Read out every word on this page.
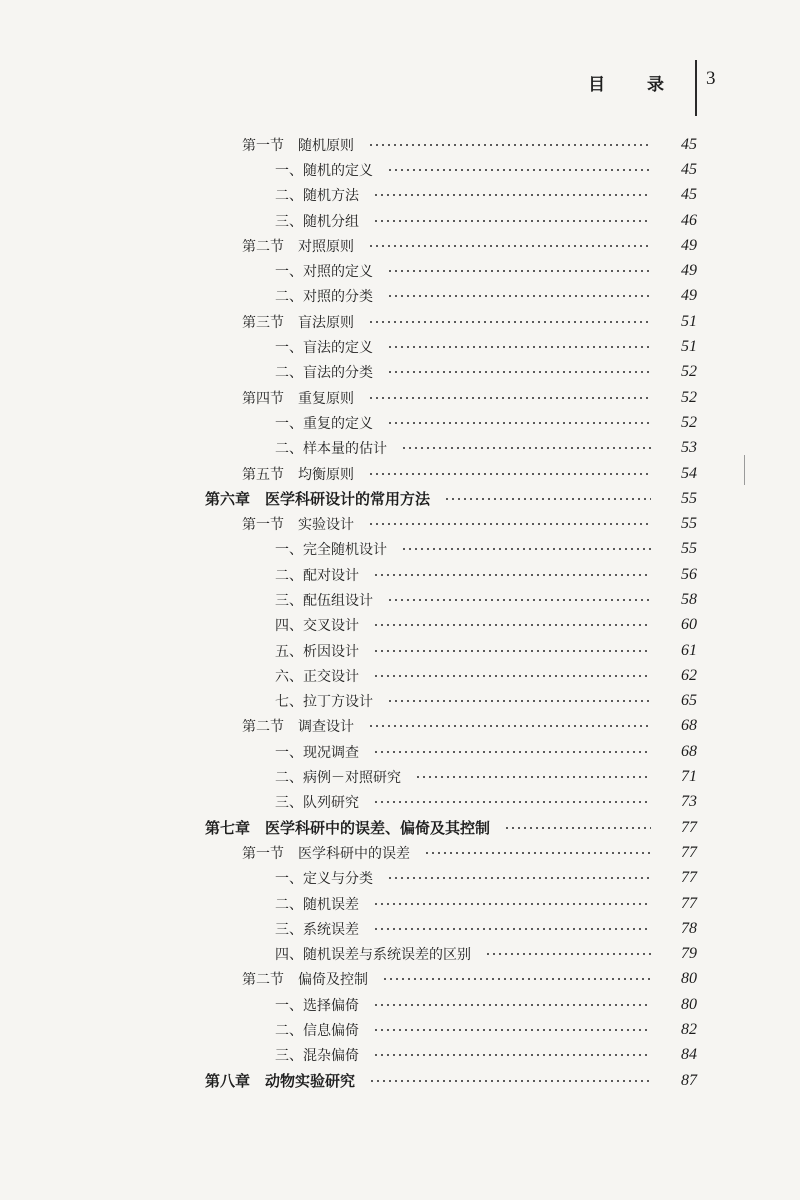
目 录 3
第一节　随机原则	45
一、随机的定义	45
二、随机方法	45
三、随机分组	46
第二节　对照原则	49
一、对照的定义	49
二、对照的分类	49
第三节　盲法原则	51
一、盲法的定义	51
二、盲法的分类	52
第四节　重复原则	52
一、重复的定义	52
二、样本量的估计	53
第五节　均衡原则	54
第六章　医学科研设计的常用方法	55
第一节　实验设计	55
一、完全随机设计	55
二、配对设计	56
三、配伍组设计	58
四、交叉设计	60
五、析因设计	61
六、正交设计	62
七、拉丁方设计	65
第二节　调查设计	68
一、现况调查	68
二、病例－对照研究	71
三、队列研究	73
第七章　医学科研中的误差、偏倚及其控制	77
第一节　医学科研中的误差	77
一、定义与分类	77
二、随机误差	77
三、系统误差	78
四、随机误差与系统误差的区别	79
第二节　偏倚及控制	80
一、选择偏倚	80
二、信息偏倚	82
三、混杂偏倚	84
第八章　动物实验研究	87
